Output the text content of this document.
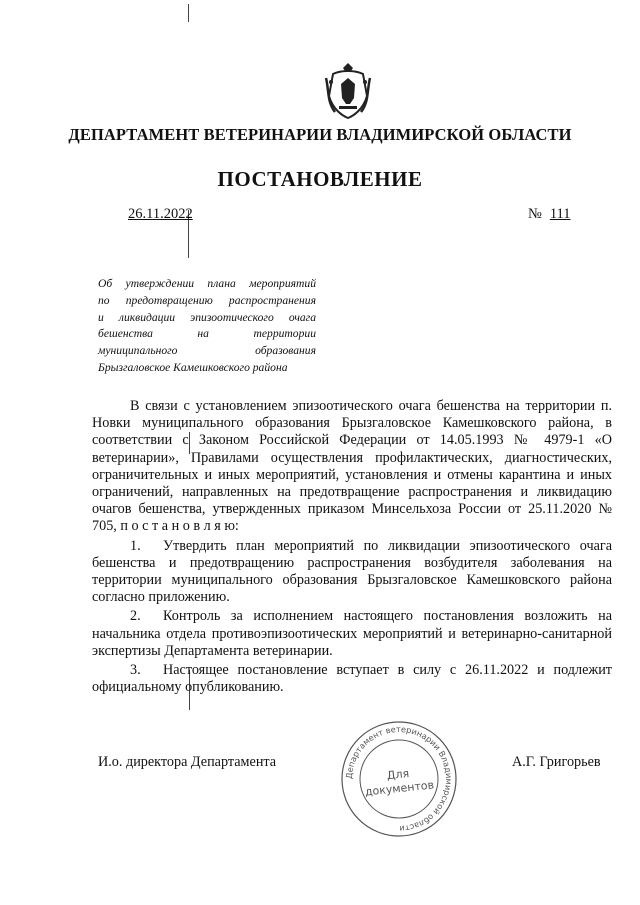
ДЕПАРТАМЕНТ ВЕТЕРИНАРИИ ВЛАДИМИРСКОЙ ОБЛАСТИ
ПОСТАНОВЛЕНИЕ
26.11.2022	№ 111
Об утверждении плана мероприятий
по предотвращению распространения
и ликвидации эпизоотического очага
бешенства на территории
муниципального образования
Брызгаловское Камешковского района

В связи с установлением эпизоотического очага бешенства на территории п. Новки муниципального образования Брызгаловское Камешковского района, в соответствии с Законом Российской Федерации от 14.05.1993 № 4979-1 «О ветеринарии», Правилами осуществления профилактических, диагностических, ограничительных и иных мероприятий, установления и отмены карантина и иных ограничений, направленных на предотвращение распространения и ликвидацию очагов бешенства, утвержденных приказом Минсельхоза России от 25.11.2020 № 705, п о с т а н о в л я ю:

1. Утвердить план мероприятий по ликвидации эпизоотического очага бешенства и предотвращению распространения возбудителя заболевания на территории муниципального образования Брызгаловское Камешковского района согласно приложению.

2. Контроль за исполнением настоящего постановления возложить на начальника отдела противоэпизоотических мероприятий и ветеринарно-санитарной экспертизы Департамента ветеринарии.

3. Настоящее постановление вступает в силу с 26.11.2022 и подлежит официальному опубликованию.

И.о. директора Департамента	А.Г. Григорьев
Департамент ветеринарии Владимирской области
Для
документов
